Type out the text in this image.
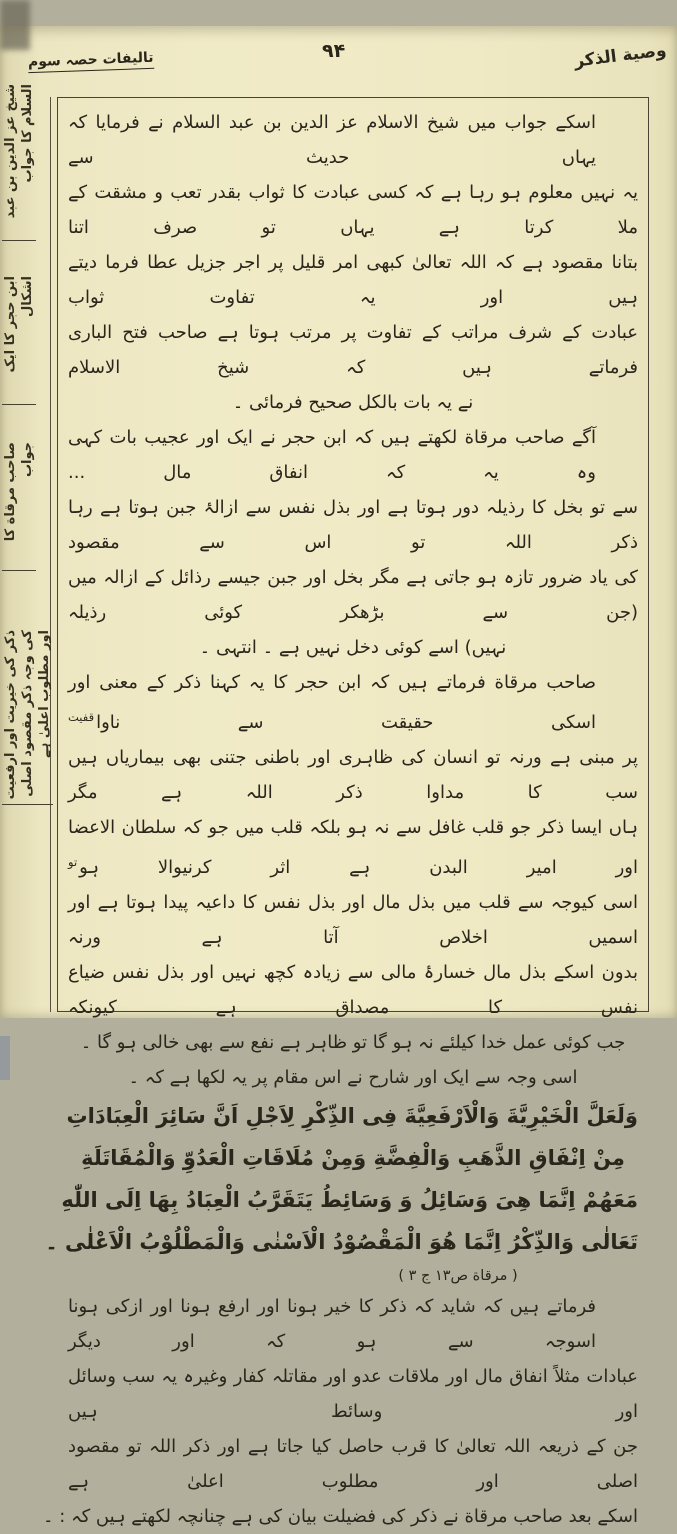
وصية الذكر
۹۴
تالیفات حصہ سوم
شیخ عز الدین بن عبد السلام کا جواب
ابن حجر کا ایک اشکال
صاحب مرقاة کا جواب
ذکر کی خیریت اور ارفعیت کی وجہ ذکر مقصود اصلی اور مطلوب اعلیٰ ہے
اسکے جواب میں شیخ الاسلام عز الدین بن عبد السلام نے فرمایا کہ یہاں حدیث سے
یہ نہیں معلوم ہو رہا ہے کہ کسی عبادت کا ثواب بقدر تعب و مشقت کے ملا کرتا ہے یہاں تو صرف اتنا
بتانا مقصود ہے کہ اللہ تعالیٰ کبھی امر قلیل پر اجر جزیل عطا فرما دیتے ہیں اور یہ تفاوت ثواب
عبادت کے شرف مراتب کے تفاوت پر مرتب ہوتا ہے صاحب فتح الباری فرماتے ہیں کہ شیخ الاسلام
نے یہ بات بالکل صحیح فرمائی ۔
آگے صاحب مرقاة لکھتے ہیں کہ ابن حجر نے ایک اور عجیب بات کہی وہ یہ کہ انفاق مال ...
سے تو بخل کا رذیلہ دور ہوتا ہے اور بذل نفس سے ازالۂ جبن ہوتا ہے رہا ذکر اللہ تو اس سے مقصود
کی یاد ضرور تازہ ہو جاتی ہے مگر بخل اور جبن جیسے رذائل کے ازالہ میں (جن سے بڑھکر کوئی رذیلہ
نہیں) اسے کوئی دخل نہیں ہے ۔ انتہی ۔
صاحب مرقاة فرماتے ہیں کہ ابن حجر کا یہ کہنا ذکر کے معنی اور اسکی حقیقت سے ناوا$^{قفیت}$
پر مبنی ہے ورنہ تو انسان کی ظاہری اور باطنی جتنی بھی بیماریاں ہیں سب کا مداوا ذکر اللہ ہے مگر
ہاں ایسا ذکر جو قلب غافل سے نہ ہو بلکہ قلب میں جو کہ سلطان الاعضا اور امیر البدن ہے اثر کرنیوالا ہو$^{تو}$
اسی کیوجہ سے قلب میں بذل مال اور بذل نفس کا داعیہ پیدا ہوتا ہے اور اسمیں اخلاص آتا ہے ورنہ
بدون اسکے بذل مال خسارۂ مالی سے زیادہ کچھ نہیں اور بذل نفس ضیاع نفس کا مصداق ہے کیونکہ
جب کوئی عمل خدا کیلئے نہ ہو گا تو ظاہر ہے نفع سے بھی خالی ہو گا ۔
اسی وجہ سے ایک اور شارح نے اس مقام پر یہ لکھا ہے کہ ۔
وَلَعَلَّ الْخَيْرِيَّةَ وَالْاَرْفَعِيَّةَ فِى الذِّكْرِ لِاَجْلِ اَنَّ سَائِرَ الْعِبَادَاتِ
مِنْ اِنْفَاقِ الذَّهَبِ وَالْفِضَّةِ وَمِنْ مُلَاقَاتِ الْعَدُوِّ وَالْمُقَاتَلَةِ
مَعَهُمْ اِنَّمَا هِىَ وَسَائِلُ وَ وَسَائِطُ يَتَقَرَّبُ الْعِبَادُ بِهَا اِلَى اللّٰهِ
تَعَالٰى وَالذِّكْرُ اِنَّمَا هُوَ الْمَقْصُوْدُ الْاَسْنٰى وَالْمَطْلُوْبُ الْاَعْلٰى ۔
( مرقاة ص۱۳ ج ۳ )
فرماتے ہیں کہ شاید کہ ذکر کا خیر ہونا اور ارفع ہونا اور ازکی ہونا اسوجہ سے ہو کہ اور دیگر
عبادات مثلاً انفاق مال اور ملاقات عدو اور مقاتلہ کفار وغیرہ یہ سب وسائل اور وسائط ہیں
جن کے ذریعہ اللہ تعالیٰ کا قرب حاصل کیا جاتا ہے اور ذکر اللہ تو مقصود اصلی اور مطلوب اعلیٰ ہے
اسکے بعد صاحب مرقاة نے ذکر کی فضیلت بیان کی ہے چنانچہ لکھتے ہیں کہ : ۔
